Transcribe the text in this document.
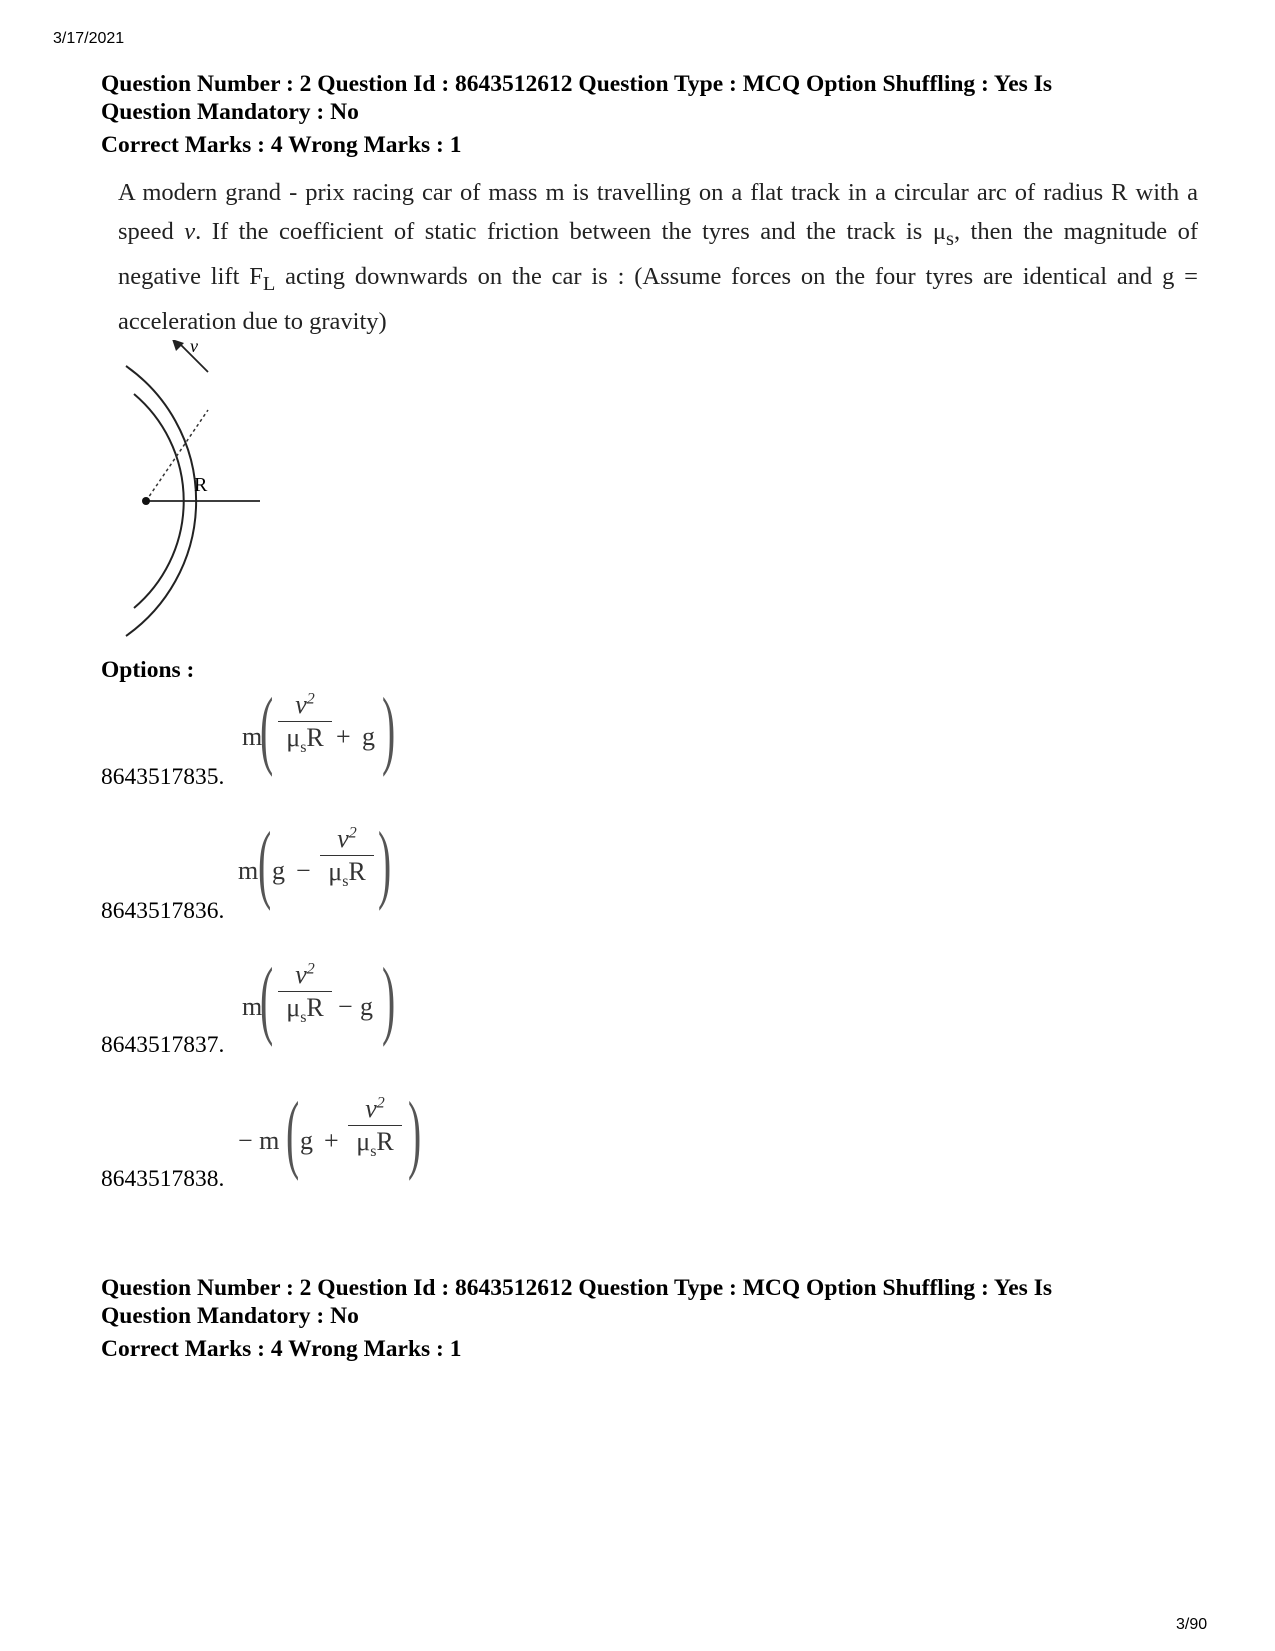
3/17/2021
Question Number : 2 Question Id : 8643512612 Question Type : MCQ Option Shuffling : Yes Is
Question Mandatory : No
Correct Marks : 4 Wrong Marks : 1
A modern grand - prix racing car of mass m is travelling on a flat track in a circular arc of radius R with a speed v. If the coefficient of static friction between the tyres and the track is $\mu_s$, then the magnitude of negative lift $F_L$ acting downwards on the car is : (Assume forces on the four tyres are identical and g = acceleration due to gravity)
v
R
Options :
8643517835.
m
( $v^2$
$\mu_sR + g$ )
8643517836.
m ( g −
$v^2$
$\mu_sR$ )
8643517837.
m
( $v^2$
$\mu_sR - g$ )
8643517838.
− m ( g +
$v^2$
$\mu_sR$ )
Question Number : 2 Question Id : 8643512612 Question Type : MCQ Option Shuffling : Yes Is
Question Mandatory : No
Correct Marks : 4 Wrong Marks : 1
3/90
